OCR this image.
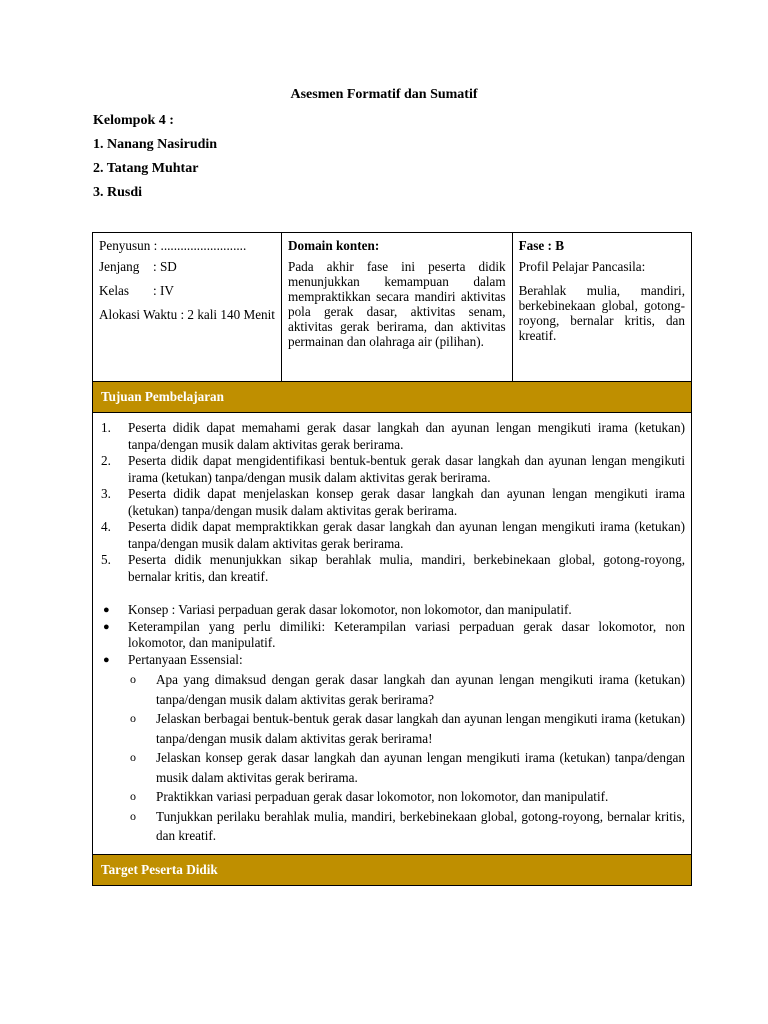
Asesmen Formatif dan Sumatif
Kelompok 4 :
1. Nanang Nasirudin
2. Tatang Muhtar
3. Rusdi
Penyusun : ..........................
Jenjang : SD
Kelas : IV
Alokasi Waktu : 2 kali 140 Menit

Domain konten:
Pada akhir fase ini peserta didik menunjukkan kemampuan dalam mempraktikkan secara mandiri aktivitas pola gerak dasar, aktivitas senam, aktivitas gerak berirama, dan aktivitas permainan dan olahraga air (pilihan).

Fase : B
Profil Pelajar Pancasila:
Berahlak mulia, mandiri, berkebinekaan global, gotong-royong, bernalar kritis, dan kreatif.

Tujuan Pembelajaran

1. Peserta didik dapat memahami gerak dasar langkah dan ayunan lengan mengikuti irama (ketukan) tanpa/dengan musik dalam aktivitas gerak berirama.
2. Peserta didik dapat mengidentifikasi bentuk-bentuk gerak dasar langkah dan ayunan lengan mengikuti irama (ketukan) tanpa/dengan musik dalam aktivitas gerak berirama.
3. Peserta didik dapat menjelaskan konsep gerak dasar langkah dan ayunan lengan mengikuti irama (ketukan) tanpa/dengan musik dalam aktivitas gerak berirama.
4. Peserta didik dapat mempraktikkan gerak dasar langkah dan ayunan lengan mengikuti irama (ketukan) tanpa/dengan musik dalam aktivitas gerak berirama.
5. Peserta didik menunjukkan sikap berahlak mulia, mandiri, berkebinekaan global, gotong-royong, bernalar kritis, dan kreatif.
● Konsep : Variasi perpaduan gerak dasar lokomotor, non lokomotor, dan manipulatif.
● Keterampilan yang perlu dimiliki: Keterampilan variasi perpaduan gerak dasar lokomotor, non lokomotor, dan manipulatif.
● Pertanyaan Essensial:
o Apa yang dimaksud dengan gerak dasar langkah dan ayunan lengan mengikuti irama (ketukan) tanpa/dengan musik dalam aktivitas gerak berirama?
o Jelaskan berbagai bentuk-bentuk gerak dasar langkah dan ayunan lengan mengikuti irama (ketukan) tanpa/dengan musik dalam aktivitas gerak berirama!
o Jelaskan konsep gerak dasar langkah dan ayunan lengan mengikuti irama (ketukan) tanpa/dengan musik dalam aktivitas gerak berirama.
o Praktikkan variasi perpaduan gerak dasar lokomotor, non lokomotor, dan manipulatif.
o Tunjukkan perilaku berahlak mulia, mandiri, berkebinekaan global, gotong-royong, bernalar kritis, dan kreatif.

Target Peserta Didik
